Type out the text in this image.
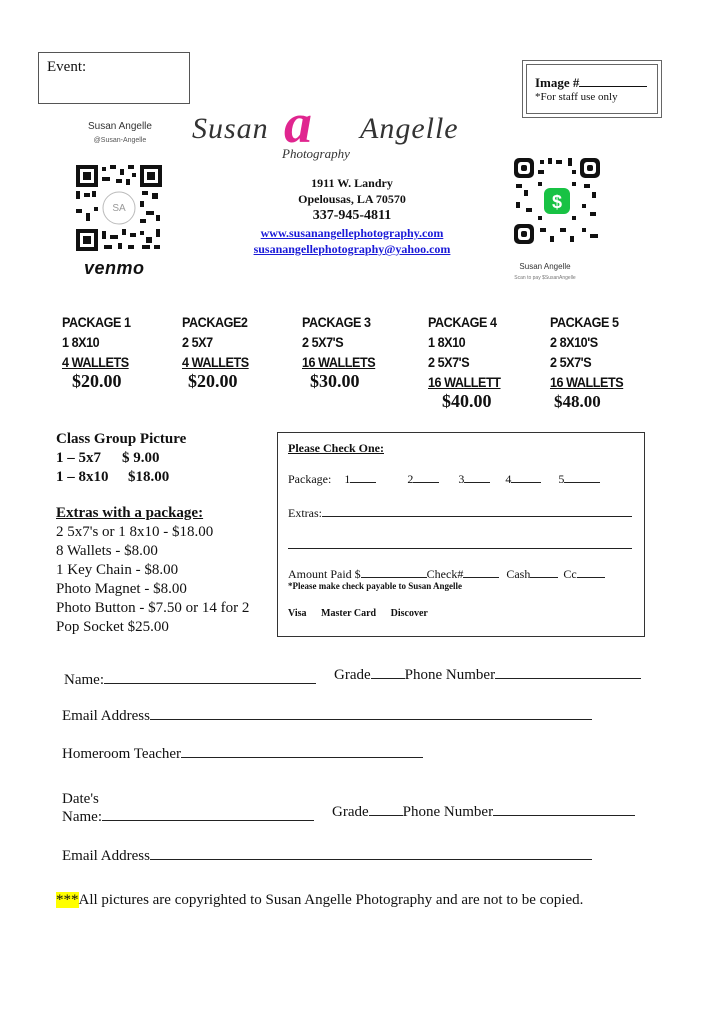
Event:
Image #
*For staff use only
Susan Angelle
@Susan-Angelle
SA
venmo
Susan a Angelle
Photography
1911 W. Landry
Opelousas, LA 70570
337-945-4811
www.susanangellephotography.com
susanangellephotography@yahoo.com
$
Susan Angelle
Scan to pay $SusanAngelle
PACKAGE 1
1 8X10
4 WALLETS
$20.00
PACKAGE2
2 5X7
4 WALLETS
$20.00
PACKAGE 3
2 5X7'S
16 WALLETS
$30.00
PACKAGE 4
1 8X10
2 5X7'S
16 WALLETT
$40.00
PACKAGE 5
2 8X10'S
2 5X7'S
16 WALLETS
$48.00
Class Group Picture
1 – 5x7 $ 9.00
1 – 8x10 $18.00
Extras with a package:
2 5x7's or 1 8x10 - $18.00
8 Wallets - $8.00
1 Key Chain - $8.00
Photo Magnet - $8.00
Photo Button - $7.50 or 14 for 2
Pop Socket $25.00
Please Check One:
Package: 1	2	3	4	5
Extras:
Amount Paid $	Check#	Cash	Cc
*Please make check payable to Susan Angelle
Visa Master Card Discover
Name:	Grade Phone Number
Email Address
Homeroom Teacher
Date's
Name:	Grade Phone Number
Email Address
***All pictures are copyrighted to Susan Angelle Photography and are not to be copied.
